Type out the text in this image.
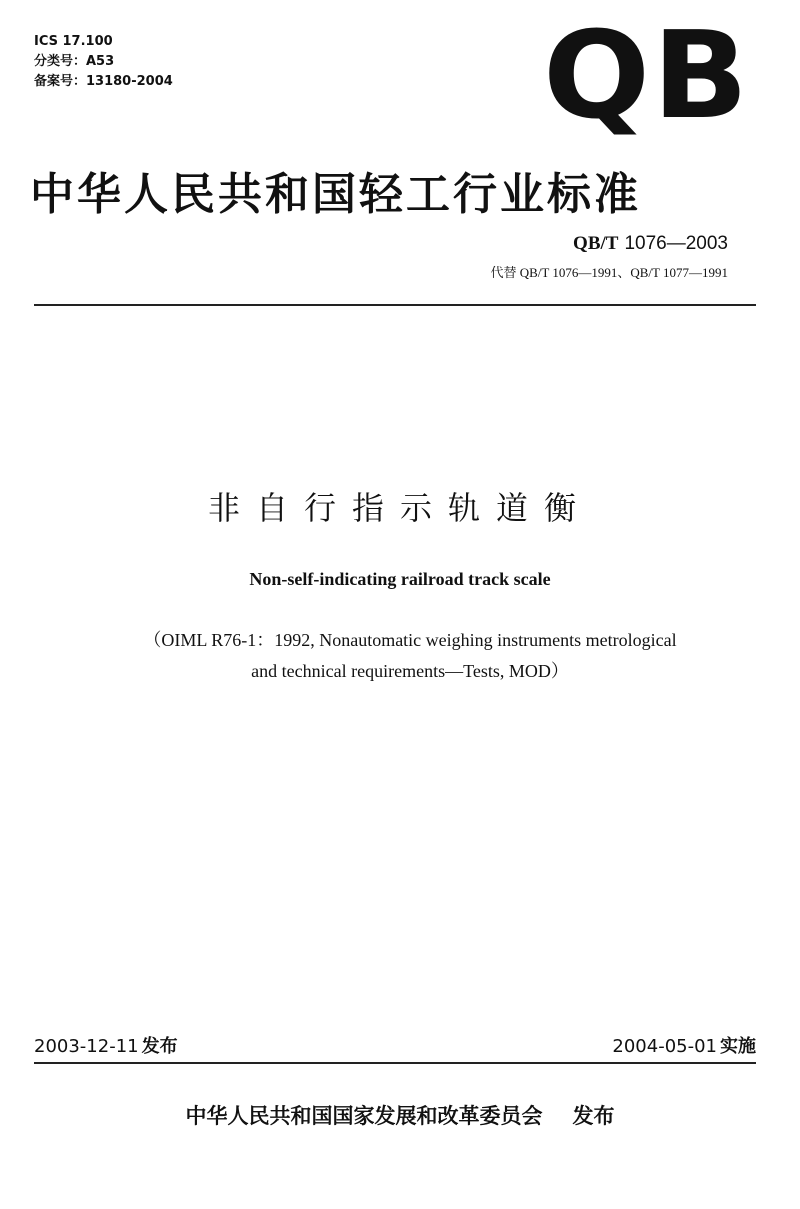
ICS 17.100
分类号：A53
备案号：13180-2004	QB
中华人民共和国轻工行业标准
QB/T 1076—2003
代替 QB/T 1076—1991、QB/T 1077—1991
非自行指示轨道衡
Non-self-indicating railroad track scale
（OIML R76-1：1992, Nonautomatic weighing instruments metrological
and technical requirements—Tests, MOD）
2003-12-11 发布	2004-05-01 实施
中华人民共和国国家发展和改革委员会 发布
